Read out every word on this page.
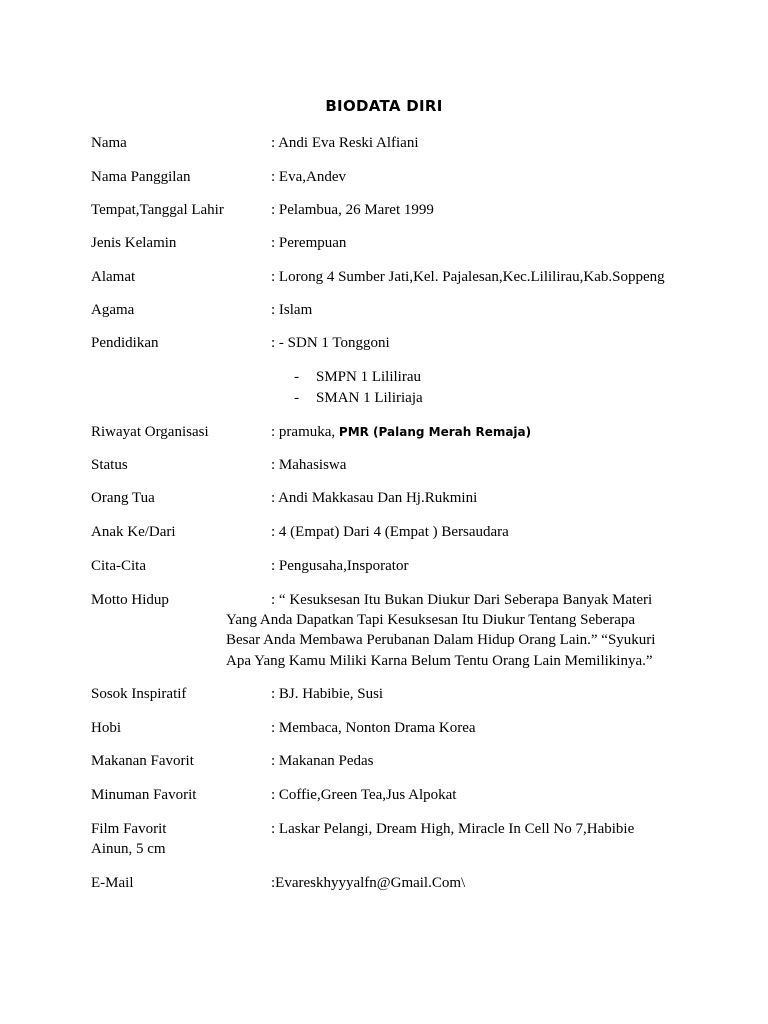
BIODATA DIRI
Nama	: Andi Eva Reski Alfiani
Nama Panggilan	: Eva,Andev
Tempat,Tanggal Lahir	: Pelambua, 26 Maret 1999
Jenis Kelamin	: Perempuan
Alamat	: Lorong 4 Sumber Jati,Kel. Pajalesan,Kec.Lililirau,Kab.Soppeng
Agama	: Islam
Pendidikan	: - SDN 1 Tonggoni
- SMPN 1 Lililirau
- SMAN 1 Liliriaja
Riwayat Organisasi	: pramuka, PMR (Palang Merah Remaja)
Status	: Mahasiswa
Orang Tua	: Andi Makkasau Dan Hj.Rukmini
Anak Ke/Dari	: 4 (Empat) Dari 4 (Empat ) Bersaudara
Cita-Cita	: Pengusaha,Insporator
Motto Hidup	: “ Kesuksesan Itu Bukan Diukur Dari Seberapa Banyak Materi
Yang Anda Dapatkan Tapi Kesuksesan Itu Diukur Tentang Seberapa
Besar Anda Membawa Perubanan Dalam Hidup Orang Lain.” “Syukuri
Apa Yang Kamu Miliki Karna Belum Tentu Orang Lain Memilikinya.”
Sosok Inspiratif	: BJ. Habibie, Susi
Hobi	: Membaca, Nonton Drama Korea
Makanan Favorit	: Makanan Pedas
Minuman Favorit	: Coffie,Green Tea,Jus Alpokat
Film Favorit	: Laskar Pelangi, Dream High, Miracle In Cell No 7,Habibie
Ainun, 5 cm
E-Mail	:Evareskhyyyalfn@Gmail.Com\
